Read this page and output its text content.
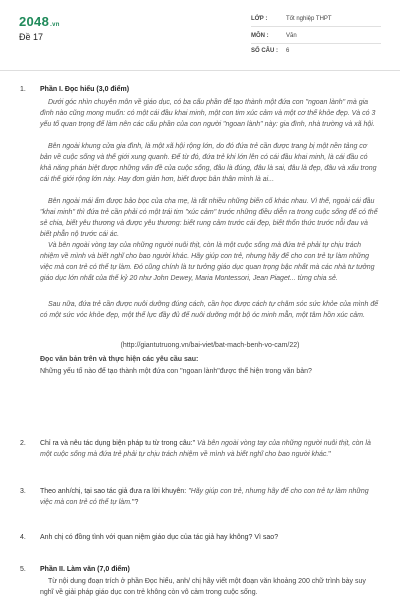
2048.vn
Đề 17
LỚP :	Tốt nghiệp THPT
MÔN :	Văn
SỐ CÂU :	6
1. Phần I. Đọc hiểu (3,0 điểm)
Dưới góc nhìn chuyên môn về giáo dục, có ba cấu phần để tạo thành một đứa con "ngoan lành" mà gia đình nào cũng mong muốn: có một cái đầu khai minh, một con tim xúc cảm và một cơ thể khỏe đẹp. Và có 3 yếu tố quan trọng để làm nên các cấu phần của con người "ngoan lành" này: gia đình, nhà trường và xã hội.
Bên ngoài khung cửa gia đình, là một xã hội rộng lớn, do đó đứa trẻ cần được trang bị một nền tảng cơ bản về cuộc sống và thế giới xung quanh. Để từ đó, đứa trẻ khi lớn lên có cái đầu khai minh, là cái đầu có khả năng phán biệt được những vấn đề của cuộc sống, đâu là đúng, đâu là sai, đâu là đẹp, đâu và xấu trong cái thế giới rộng lớn này. Hay đơn giản hơn, biết được bản thân mình là ai...
Bên ngoài mái ấm được bảo bọc của cha mẹ, là rất nhiều những biến cố khác nhau. Vì thế, ngoài cái đầu "khai minh" thì đứa trẻ cần phải có một trái tim "xúc cảm" trước những điều diễn ra trong cuộc sống để có thể sẻ chia, biết yêu thương và được yêu thương: biết rung cảm trước cái đẹp, biết thổn thức trước nỗi đau và biết phẫn nộ trước cái ác.
Và bên ngoài vòng tay của những người nuôi thịt, còn là một cuộc sống mà đứa trẻ phải tự chịu trách nhiệm về mình và biết nghĩ cho bao người khác. Hãy giúp con trẻ, nhưng hãy để cho con trẻ tự làm những việc mà con trẻ có thể tự làm. Đó cũng chính là tư tưởng giáo dục quan trọng bậc nhất mà các nhà tư tưởng giáo dục lớn nhất của thế kỷ 20 như John Dewey, Maria Montessori, Jean Piaget... từng chia sẻ.
Sau nữa, đứa trẻ cần được nuôi dưỡng đúng cách, cần học được cách tự chăm sóc sức khỏe của mình để có một sức vóc khỏe đẹp, một thể lực đầy đủ để nuôi dưỡng một bộ óc minh mẫn, một tâm hồn xúc cảm.
(http://giantutruong.vn/bai-viet/bat-mach-benh-vo-cam/22)
Đọc văn bản trên và thực hiện các yêu cầu sau:
Những yếu tố nào để tạo thành một đứa con "ngoan lành"được thể hiện trong văn bản?
2. Chỉ ra và nêu tác dụng biện pháp tu từ trong câu:" Và bên ngoài vòng tay của những người nuôi thịt, còn là một cuộc sống mà đứa trẻ phải tự chịu trách nhiệm về mình và biết nghĩ cho bao người khác."
3. Theo anh/chị, tại sao tác giả đưa ra lời khuyên: "Hãy giúp con trẻ, nhưng hãy để cho con trẻ tự làm những việc mà con trẻ có thể tự làm."?
4. Anh chị có đồng tình với quan niệm giáo dục của tác giả hay không? Vì sao?
5. Phần II. Làm văn (7,0 điểm)
Từ nội dung đoạn trích ở phần Đọc hiểu, anh/ chị hãy viết một đoạn văn khoảng 200 chữ trình bày suy nghĩ về giải pháp giáo dục con trẻ không còn vô cảm trong cuộc sống.
